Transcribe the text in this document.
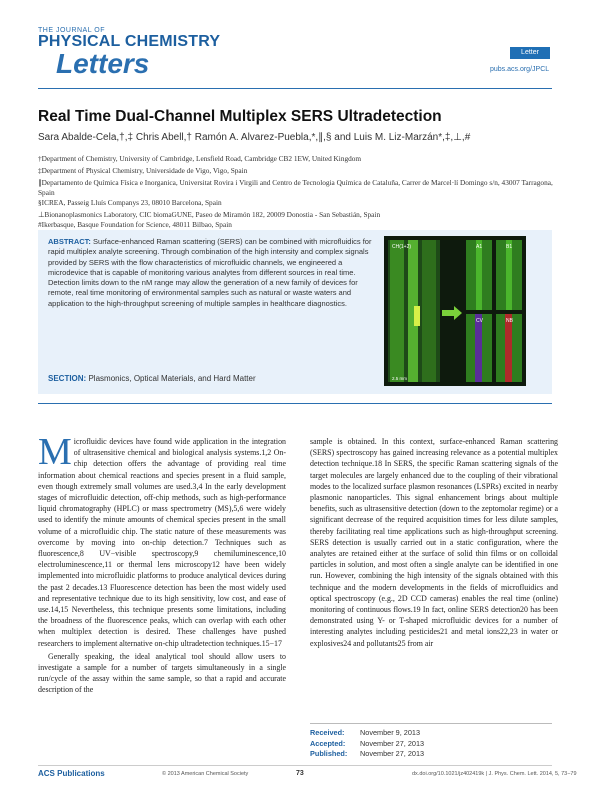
THE JOURNAL OF
PHYSICAL CHEMISTRY
Letters	Letter
pubs.acs.org/JPCL
Real Time Dual-Channel Multiplex SERS Ultradetection
Sara Abalde-Cela,†,‡ Chris Abell,† Ramón A. Alvarez-Puebla,*,∥,§ and Luis M. Liz-Marzán*,‡,⊥,#
†Department of Chemistry, University of Cambridge, Lensfield Road, Cambridge CB2 1EW, United Kingdom
‡Department of Physical Chemistry, Universidade de Vigo, Vigo, Spain
∥Departamento de Química Física e Inorganica, Universitat Rovira i Virgili and Centro de Tecnologia Química de Cataluña, Carrer de Marcel·lí Domingo s/n, 43007 Tarragona, Spain
§ICREA, Passeig Lluís Companys 23, 08010 Barcelona, Spain
⊥Bionanoplasmonics Laboratory, CIC biomaGUNE, Paseo de Miramón 182, 20009 Donostia - San Sebastián, Spain
#Ikerbasque, Basque Foundation for Science, 48011 Bilbao, Spain
ABSTRACT: Surface-enhanced Raman scattering (SERS) can be combined with microfluidics for rapid multiplex analyte screening. Through combination of the high intensity and complex signals provided by SERS with the flow characteristics of microfluidic channels, we engineered a microdevice that is capable of monitoring various analytes from different sources in real time. Detection limits down to the nM range may allow the generation of a new family of devices for remote, real time monitoring of environmental samples such as natural or waste waters and application to the high-throughput screening of multiple samples in healthcare diagnostics.
CH(1+2)	A1	B1
CV	NB
2.5 mm
SECTION: Plasmonics, Optical Materials, and Hard Matter
Microfluidic devices have found wide application in the integration of ultrasensitive chemical and biological analysis systems.1,2 On-chip detection offers the advantage of providing real time information about chemical reactions and species present in a fluid sample, even though extremely small volumes are used.3,4 In the early development stages of microfluidic detection, off-chip methods, such as high-performance liquid chromatography (HPLC) or mass spectrometry (MS),5,6 were widely used to identify the minute amounts of chemical species present in the small volume of a microfluidic chip. The static nature of these measurements was overcome by moving into on-chip detection.7 Techniques such as fluorescence,8 UV−visible spectroscopy,9 chemiluminescence,10 electroluminescence,11 or thermal lens microscopy12 have been widely implemented into microfluidic platforms to produce analytical devices during the past 2 decades.13 Fluorescence detection has been the most widely used and representative technique due to its high sensitivity, low cost, and ease of use.14,15 Nevertheless, this technique presents some limitations, including the broadness of the fluorescence peaks, which can overlap with each other when multiplex detection is desired. These challenges have pushed researchers to implement alternative on-chip ultradetection techniques.15−17
Generally speaking, the ideal analytical tool should allow users to investigate a sample for a number of targets simultaneously in a single run/cycle of the assay within the same sample, so that a rapid and accurate description of the
sample is obtained. In this context, surface-enhanced Raman scattering (SERS) spectroscopy has gained increasing relevance as a potential multiplex detection technique.18 In SERS, the specific Raman scattering signals of the target molecules are largely enhanced due to the coupling of their vibrational modes to the localized surface plasmon resonances (LSPRs) excited in nearby plasmonic nanoparticles. This signal enhancement brings about multiple benefits, such as ultrasensitive detection (down to the zeptomolar regime) or a significant decrease of the required acquisition times for less dilute samples, thereby facilitating real time applications such as high-throughput screening. SERS detection is usually carried out in a static configuration, where the analytes are retained either at the surface of solid thin films or on colloidal particles in solution, and most often a single analyte can be identified in one run. However, combining the high intensity of the signals obtained with this technique and the modern developments in the fields of microfluidics and optical spectroscopy (e.g., 2D CCD cameras) enables the real time (online) monitoring of continuous flows.19 In fact, online SERS detection20 has been demonstrated using Y- or T-shaped microfluidic devices for a number of interesting analytes including pesticides21 and metal ions22,23 in water or explosives24 and pollutants25 from air
Received: November 9, 2013
Accepted: November 27, 2013
Published: November 27, 2013
ACS Publications	© 2013 American Chemical Society	73	dx.doi.org/10.1021/jz402419k | J. Phys. Chem. Lett. 2014, 5, 73−79
